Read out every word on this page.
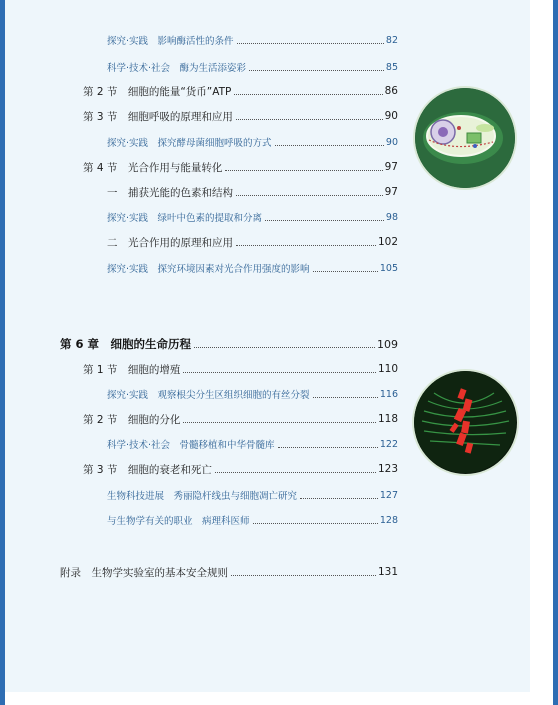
探究·实践　影响酶活性的条件	82
科学·技术·社会　酶为生活添姿彩	85
第 2 节　细胞的能量“货币”ATP	86
第 3 节　细胞呼吸的原理和应用	90
探究·实践　探究酵母菌细胞呼吸的方式	90
第 4 节　光合作用与能量转化	97
一　捕获光能的色素和结构	97
探究·实践　绿叶中色素的提取和分离	98
二　光合作用的原理和应用	102
探究·实践　探究环境因素对光合作用强度的影响	105
第 6 章　细胞的生命历程	109
第 1 节　细胞的增殖	110
探究·实践　观察根尖分生区组织细胞的有丝分裂	116
第 2 节　细胞的分化	118
科学·技术·社会　骨髓移植和中华骨髓库	122
第 3 节　细胞的衰老和死亡	123
生物科技进展　秀丽隐杆线虫与细胞凋亡研究	127
与生物学有关的职业　病理科医师	128
附录　生物学实验室的基本安全规则	131
